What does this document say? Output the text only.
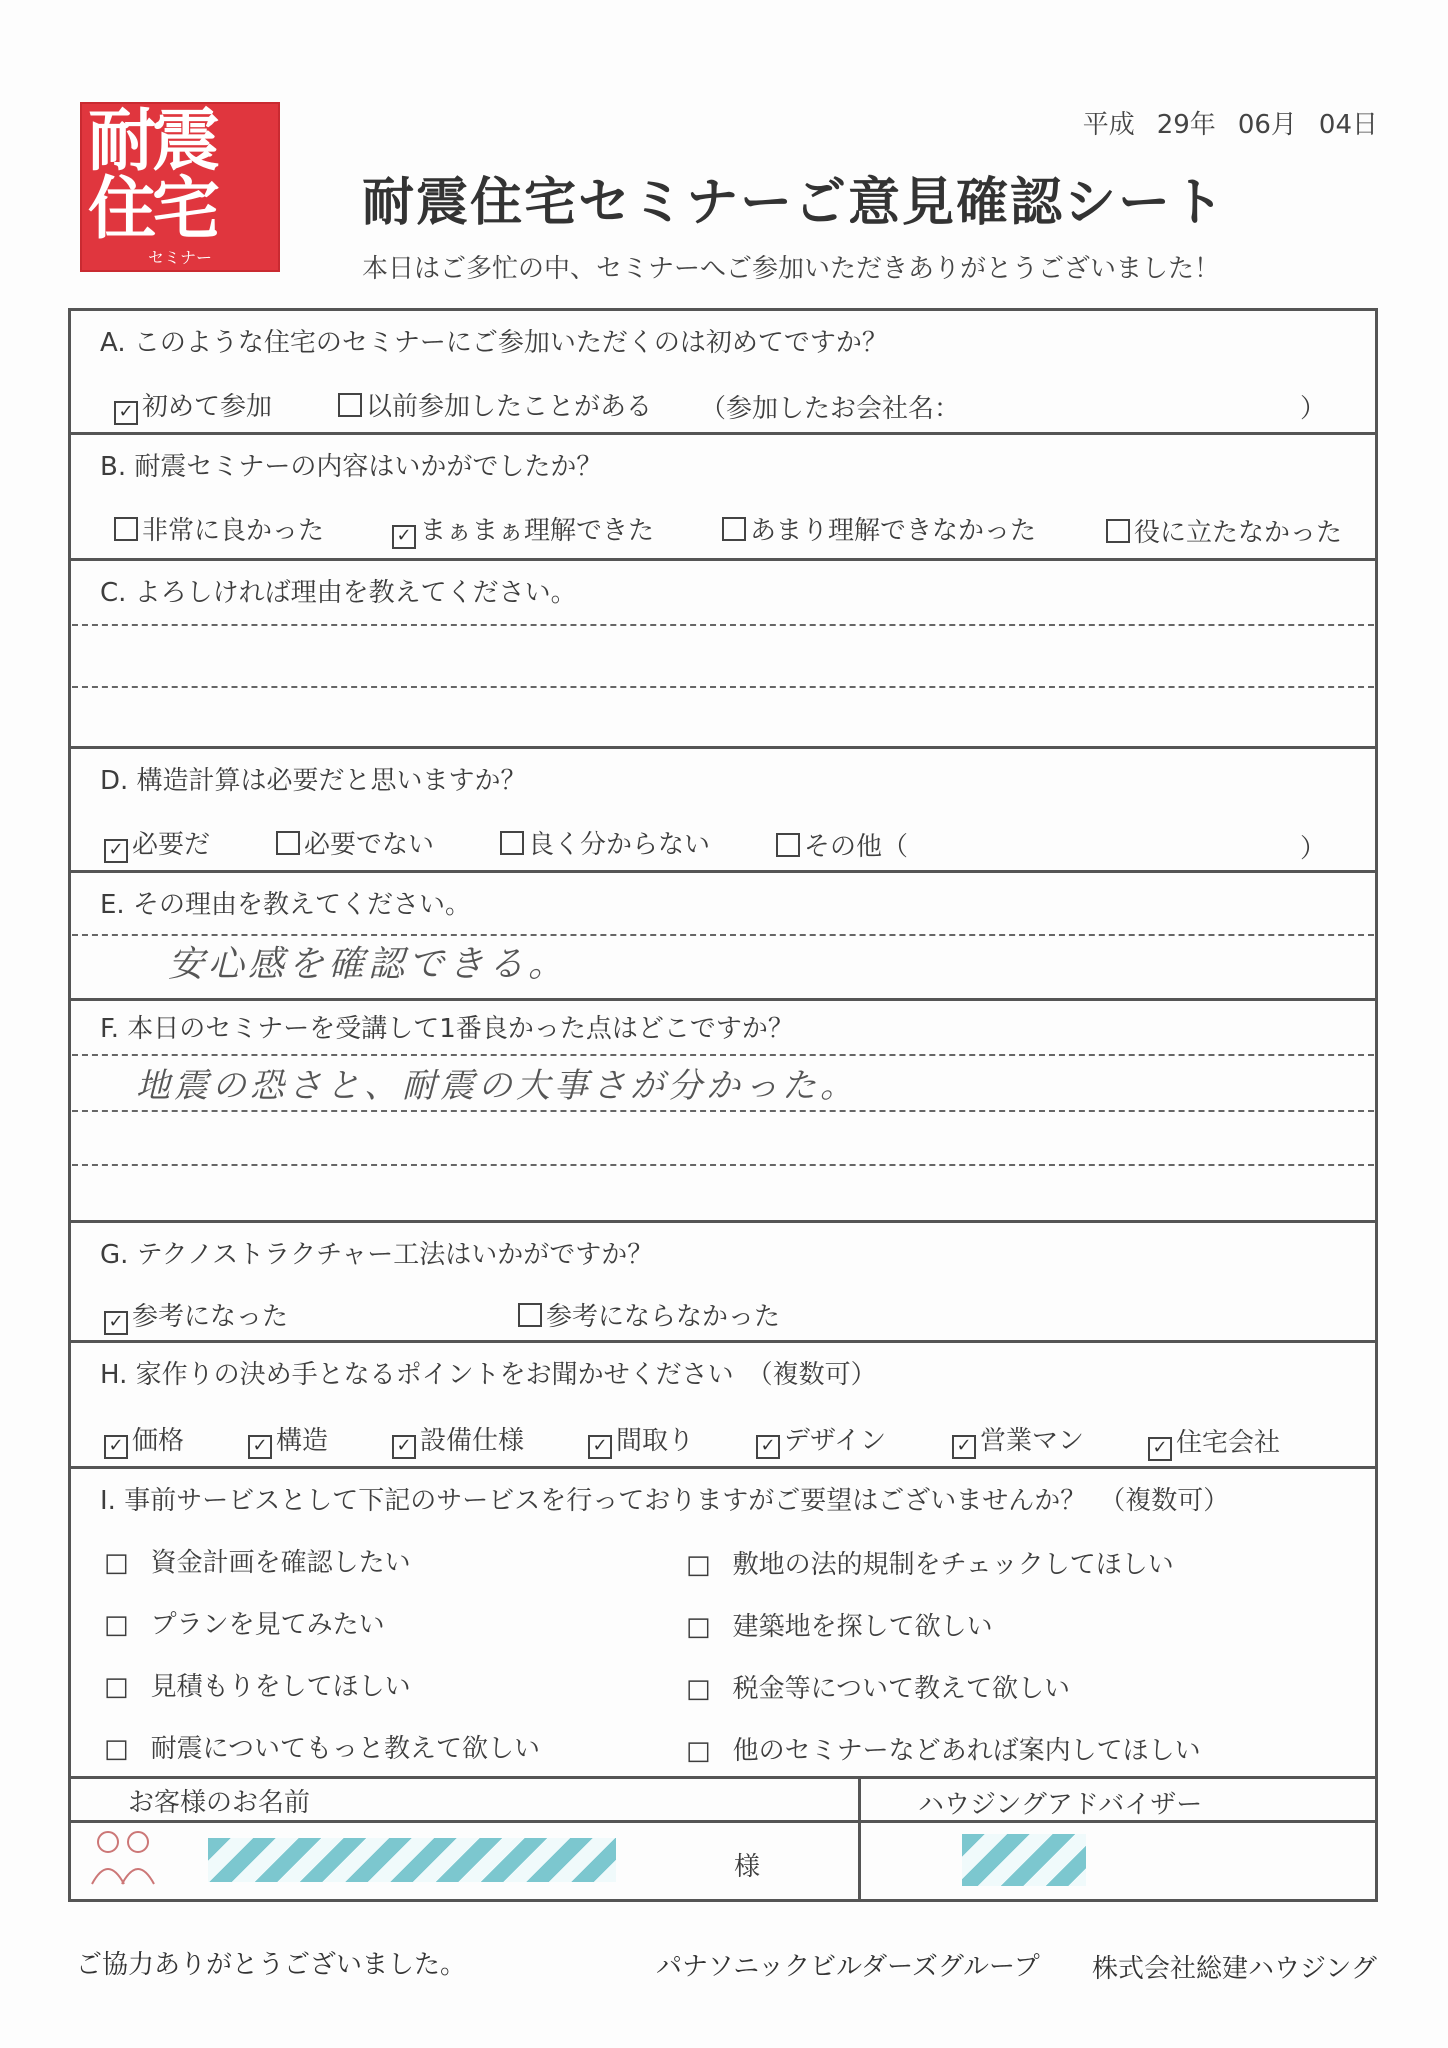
耐震
住宅
セミナー
平成 29年 06月 04日
耐震住宅セミナーご意見確認シート
本日はご多忙の中、セミナーへご参加いただきありがとうございました！
A. このような住宅のセミナーにご参加いただくのは初めてですか？
✓ 初めて参加	以前参加したことがある （参加したお会社名：	）
B. 耐震セミナーの内容はいかがでしたか？
非常に良かった	✓ まぁまぁ理解できた	あまり理解できなかった	役に立たなかった
C. よろしければ理由を教えてください。
D. 構造計算は必要だと思いますか？
✓ 必要だ	必要でない	良く分からない	その他（	）
E. その理由を教えてください。
安心感を確認できる。
F. 本日のセミナーを受講して1番良かった点はどこですか？
地震の恐さと、耐震の大事さが分かった。
G. テクノストラクチャー工法はいかがですか？
✓ 参考になった	参考にならなかった
H. 家作りの決め手となるポイントをお聞かせください　（複数可）
✓ 価格	✓ 構造	✓ 設備仕様	✓ 間取り	✓ デザイン	✓ 営業マン	✓ 住宅会社
I. 事前サービスとして下記のサービスを行っておりますがご要望はございませんか？　（複数可）
□ 資金計画を確認したい
□ プランを見てみたい
□ 見積もりをしてほしい
□ 耐震についてもっと教えて欲しい
□ 敷地の法的規制をチェックしてほしい
□ 建築地を探して欲しい
□ 税金等について教えて欲しい
□ 他のセミナーなどあれば案内してほしい
お客様のお名前	ハウジングアドバイザー
様
ご協力ありがとうございました。	パナソニックビルダーズグループ 株式会社総建ハウジング
